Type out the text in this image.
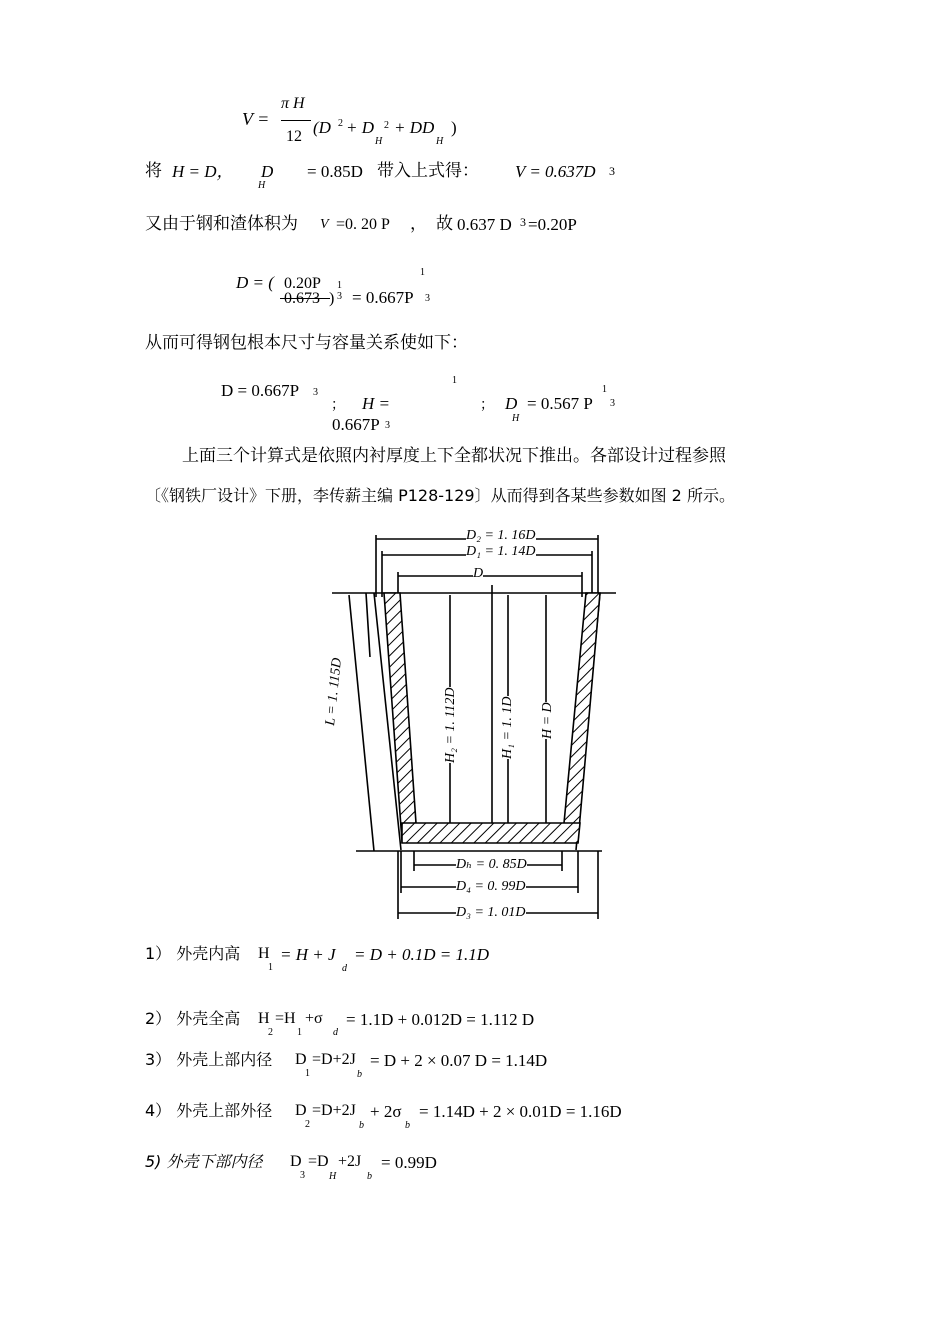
V =
π H
12 (D 2 + D
H
2 + DD
H
)
将 H = D， D
H
= 0.85D 带入上式得： V = 0.637D 3
又由于钢和渣体积为 V =0. 20 P ， 故 0.637 D 3 =0.20P
D = ( 0.20P
0.673 )
1
3 = 0.667P
1
3
从而可得钢包根本尺寸与容量关系使如下：
D = 0.667P 3
； H =
1
0.667P 3
； D
H
= 0.567 P
1
3
上面三个计算式是依照内衬厚度上下全都状况下推出。各部设计过程参照
〔《钢铁厂设计》下册，李传薪主编 P128-129〕从而得到各某些参数如图 2 所示。
D₂ = 1. 16D
D₁ = 1. 14D
D
L = 1. 115D	H₂ = 1. 112D	H₁ = 1. 1D H = D
Dₕ = 0. 85D
D₄ = 0. 99D
D₃ = 1. 01D
1） 外壳内高 H
1
= H + J
d
= D + 0.1D = 1.1D
2） 外壳全高 H
2
=H
1
+σ
d
= 1.1D + 0.012D = 1.112 D
3） 外壳上部内径 D
1
=D+2J
b
= D + 2 × 0.07 D = 1.14D
4） 外壳上部外径 D
2
=D+2J
b
+ 2σ
b
= 1.14D + 2 × 0.01D = 1.16D
5) 外壳下部内径 D
3
=D
H
+2J
b
= 0.99D
